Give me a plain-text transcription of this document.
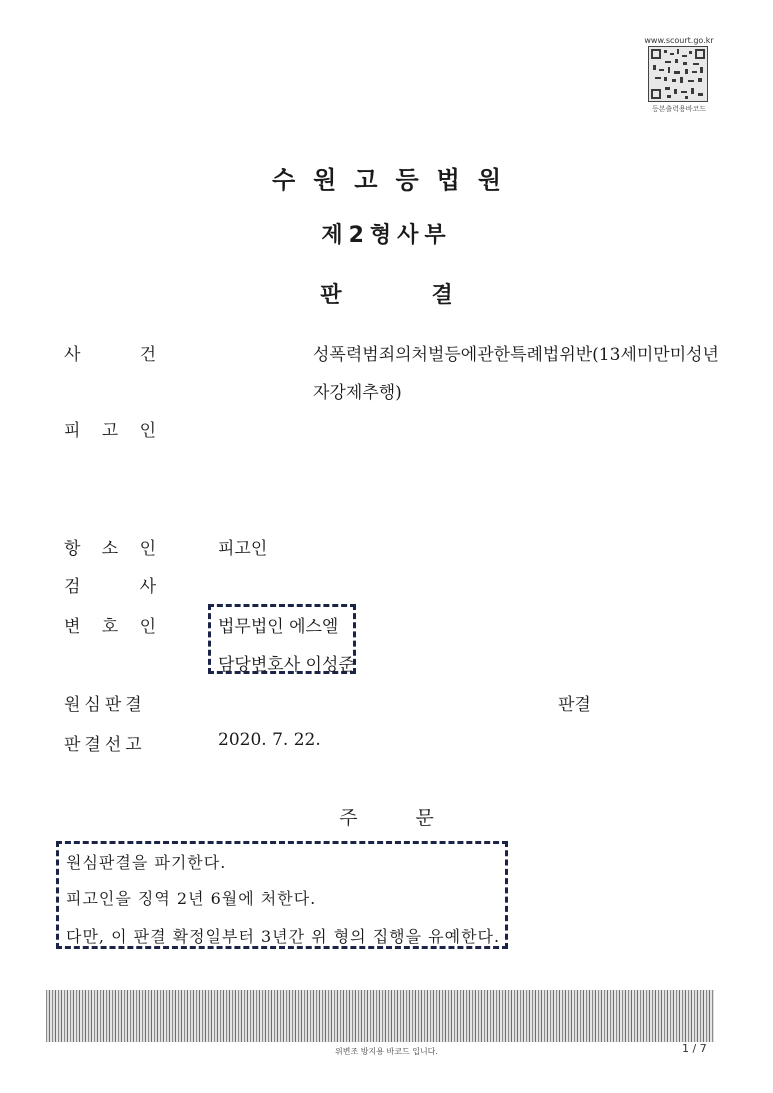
www.scourt.go.kr
등본출력용바코드
수원고등법원
제2형사부
판결
사	건	성폭력범죄의처벌등에관한특례법위반(13세미만미성년
자강제추행)
피 고 인
항 소 인	피고인
검	사
변 호 인	법무법인 에스엘
담당변호사 이성준
원심판결	판결
판결선고	2020. 7. 22.
주문
원심판결을 파기한다.
피고인을 징역 2년 6월에 처한다.
다만, 이 판결 확정일부터 3년간 위 형의 집행을 유예한다.
위변조 방지용 바코드 입니다.	1 / 7
